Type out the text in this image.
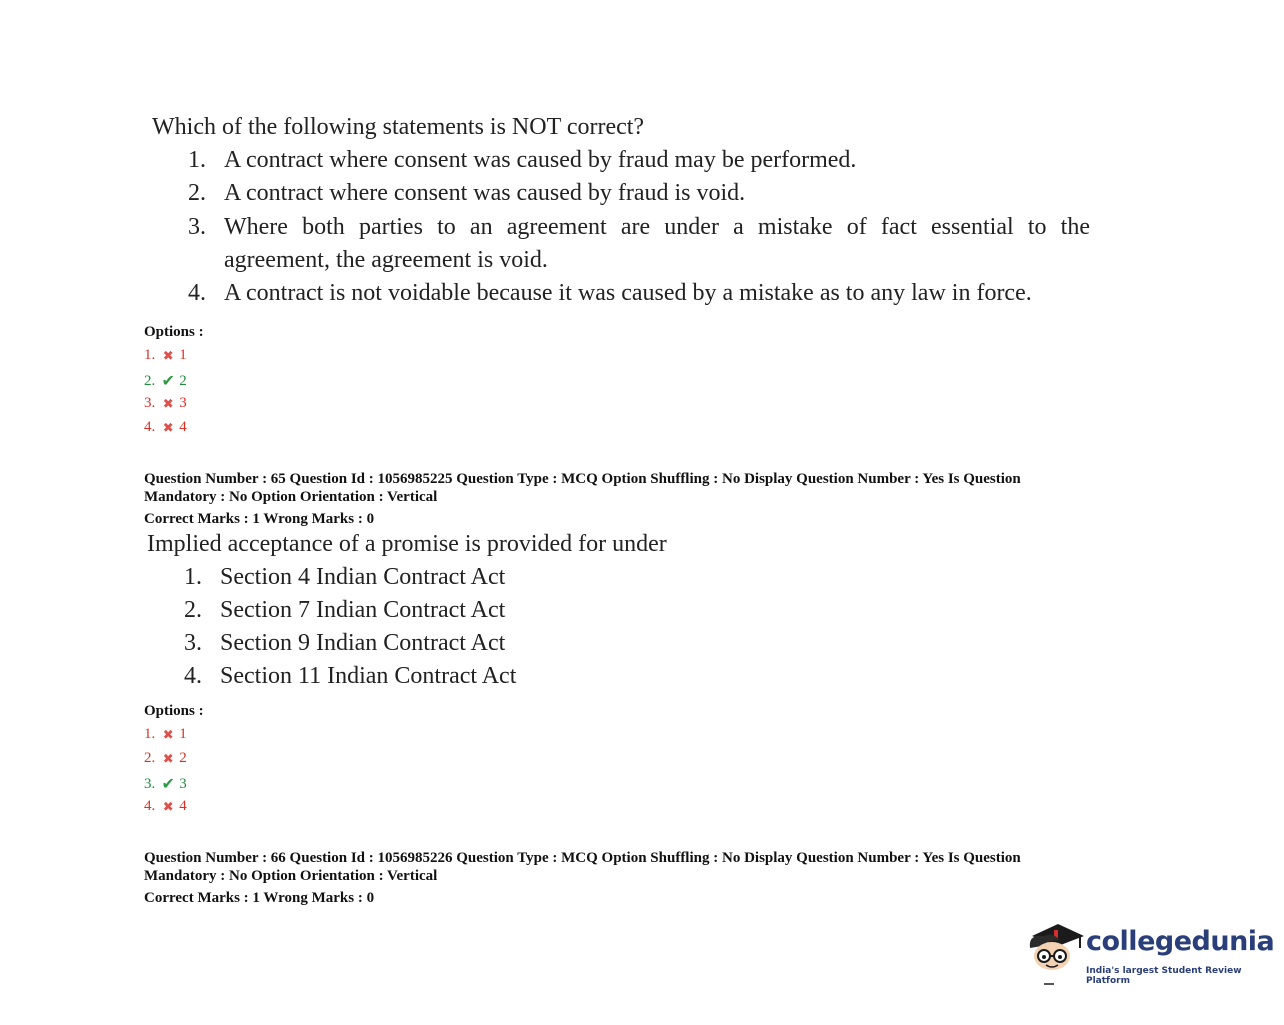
Which of the following statements is NOT correct?
1. A contract where consent was caused by fraud may be performed.
2. A contract where consent was caused by fraud is void.
3. Where both parties to an agreement are under a mistake of fact essential to the
agreement, the agreement is void.
4. A contract is not voidable because it was caused by a mistake as to any law in force.
Options :
1. ✖ 1
2. ✔ 2
3. ✖ 3
4. ✖ 4
Question Number : 65 Question Id : 1056985225 Question Type : MCQ Option Shuffling : No Display Question Number : Yes Is Question
Mandatory : No Option Orientation : Vertical
Correct Marks : 1 Wrong Marks : 0
Implied acceptance of a promise is provided for under
1. Section 4 Indian Contract Act
2. Section 7 Indian Contract Act
3. Section 9 Indian Contract Act
4. Section 11 Indian Contract Act
Options :
1. ✖ 1
2. ✖ 2
3. ✔ 3
4. ✖ 4
Question Number : 66 Question Id : 1056985226 Question Type : MCQ Option Shuffling : No Display Question Number : Yes Is Question
Mandatory : No Option Orientation : Vertical
Correct Marks : 1 Wrong Marks : 0
collegedunia
India's largest Student Review Platform
